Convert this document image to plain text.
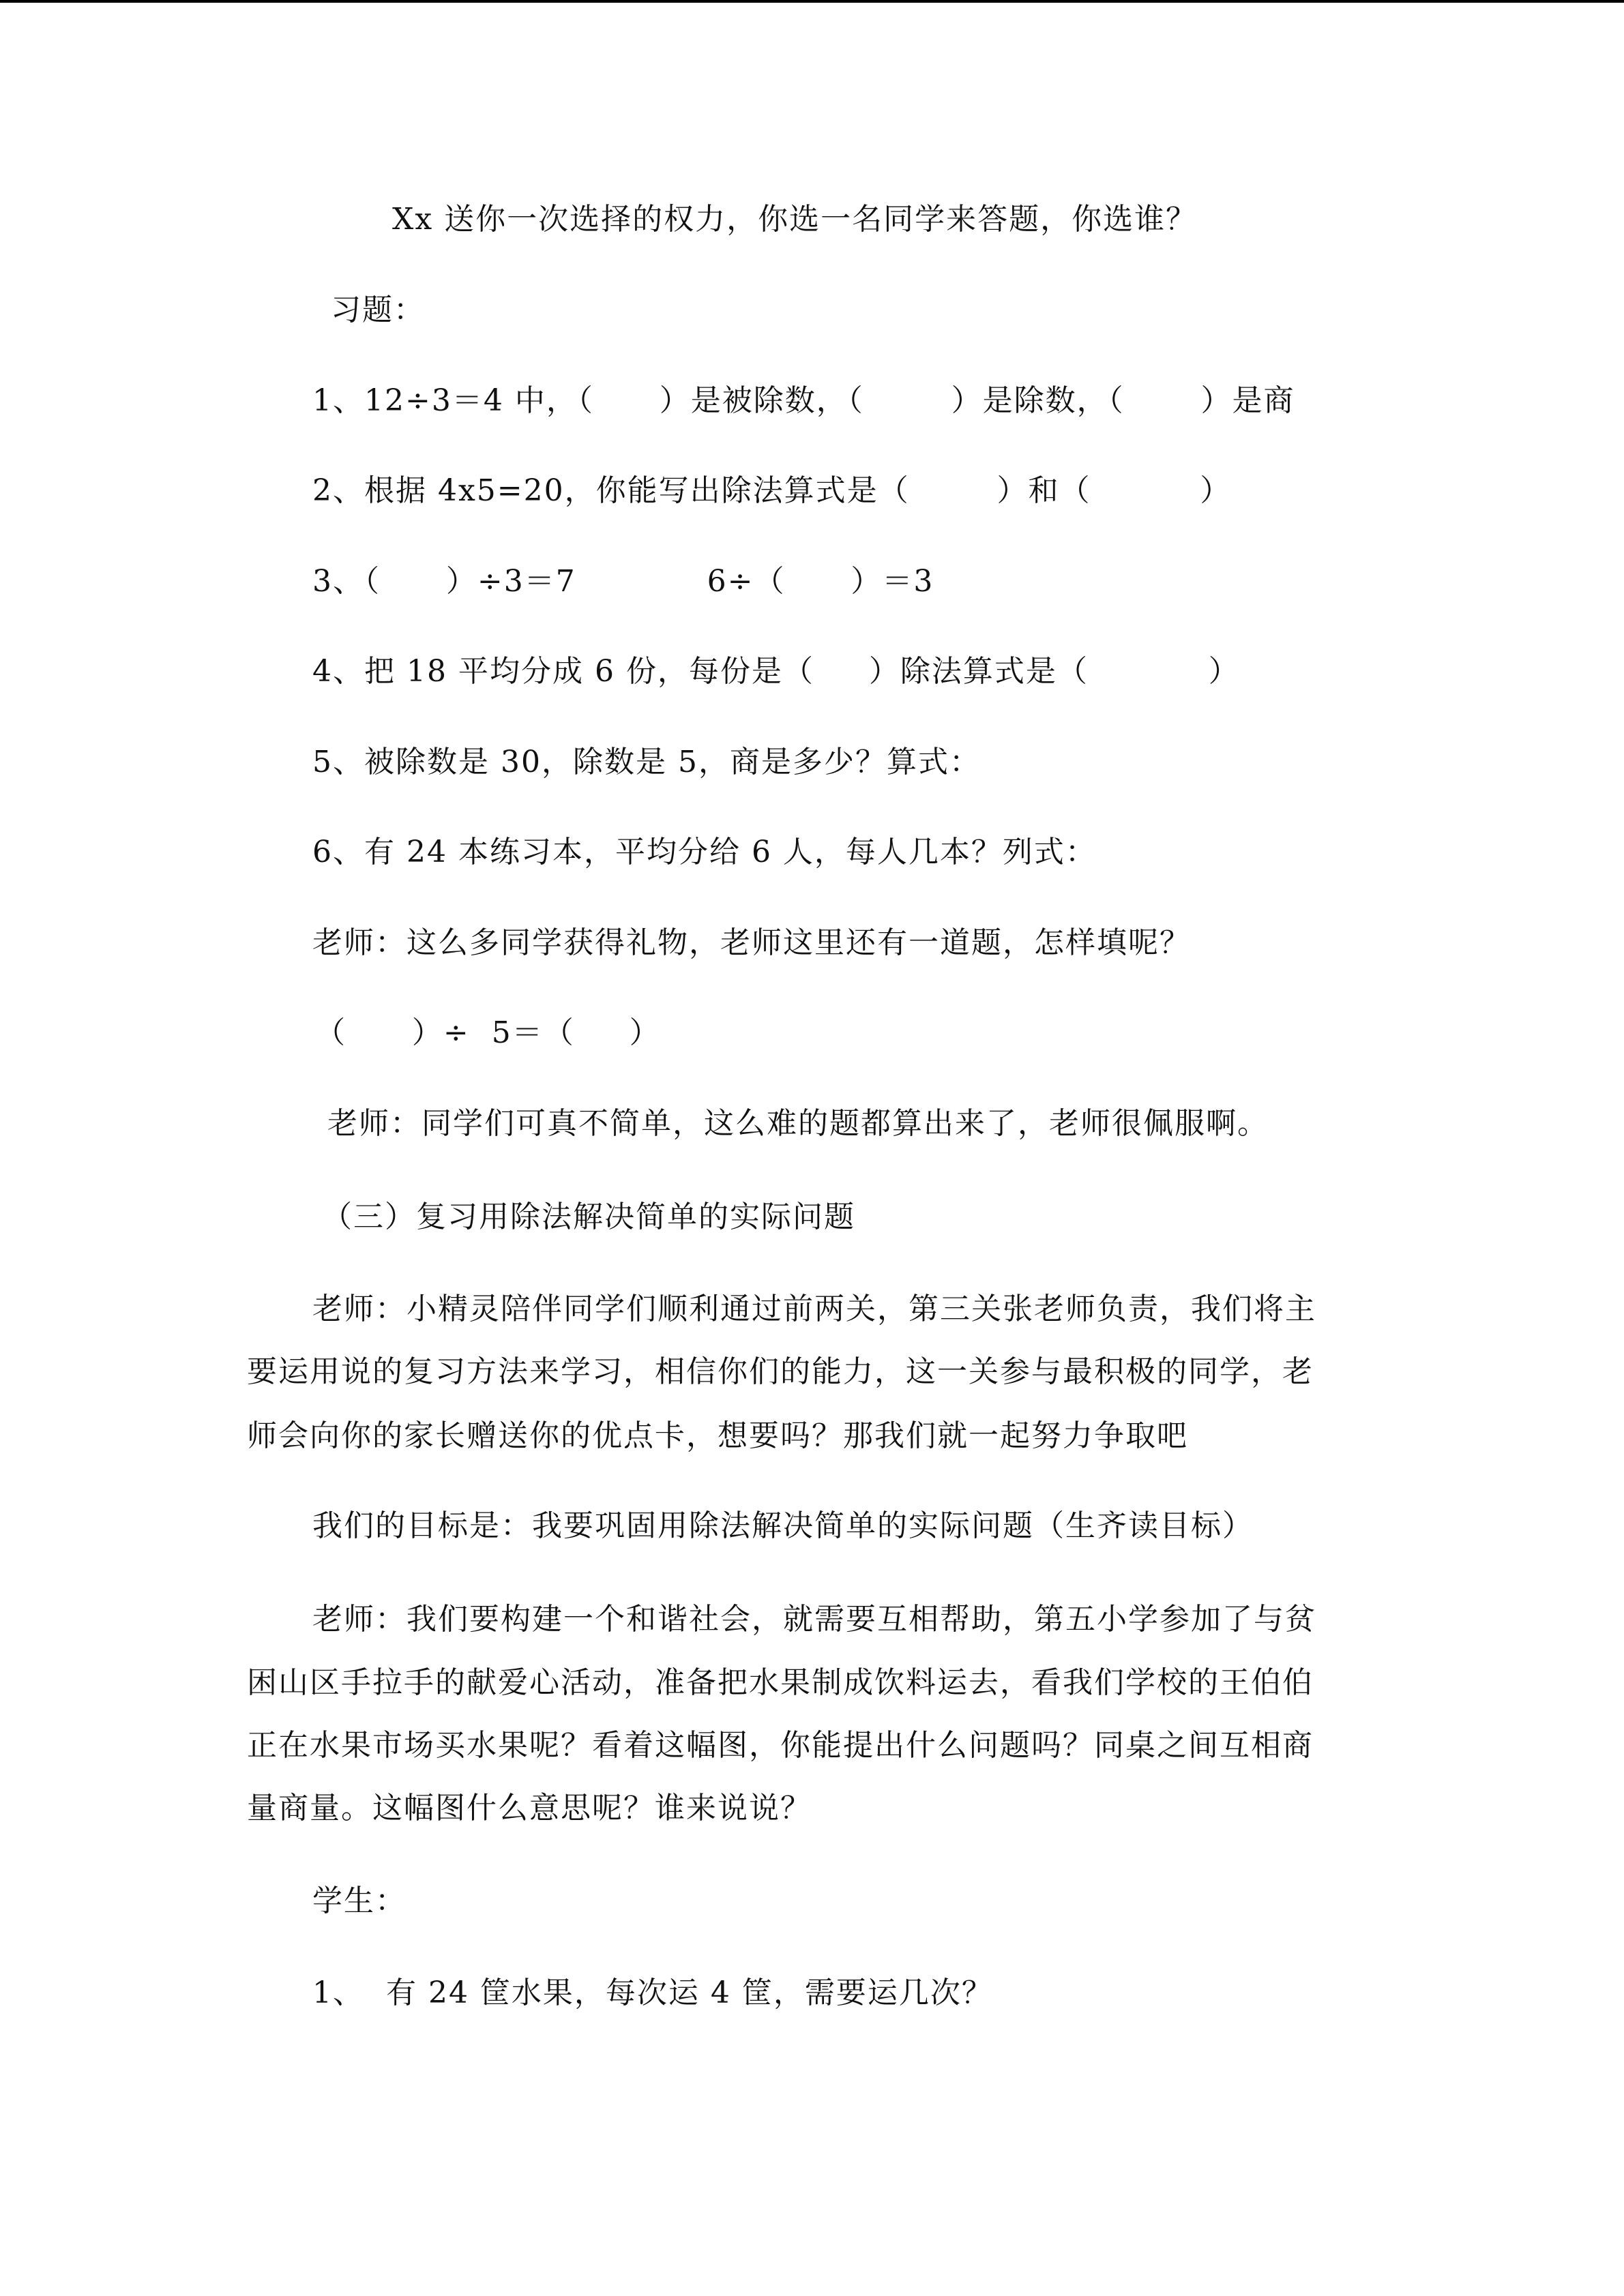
Xx 送你一次选择的权力，你选一名同学来答题，你选谁？

习题：

1、12÷3＝4 中，（      ）是被除数，（        ）是除数，（       ）是商

2、根据 4x5=20，你能写出除法算式是（        ）和（          ）

3、（      ）÷3＝7            6÷（      ）＝3

4、把 18 平均分成 6 份，每份是（     ）除法算式是（           ）

5、被除数是 30，除数是 5，商是多少？算式：

6、有 24 本练习本，平均分给 6 人，每人几本？列式：

老师：这么多同学获得礼物，老师这里还有一道题，怎样填呢？

（      ）÷  5＝（     ）

老师：同学们可真不简单，这么难的题都算出来了，老师很佩服啊。

（三）复习用除法解决简单的实际问题

老师：小精灵陪伴同学们顺利通过前两关，第三关张老师负责，我们将主

要运用说的复习方法来学习，相信你们的能力，这一关参与最积极的同学，老

师会向你的家长赠送你的优点卡，想要吗？那我们就一起努力争取吧

我们的目标是：我要巩固用除法解决简单的实际问题（生齐读目标）

老师：我们要构建一个和谐社会，就需要互相帮助，第五小学参加了与贫

困山区手拉手的献爱心活动，准备把水果制成饮料运去，看我们学校的王伯伯

正在水果市场买水果呢？看着这幅图，你能提出什么问题吗？同桌之间互相商

量商量。这幅图什么意思呢？谁来说说？

学生：

1、  有 24 筐水果，每次运 4 筐，需要运几次？
